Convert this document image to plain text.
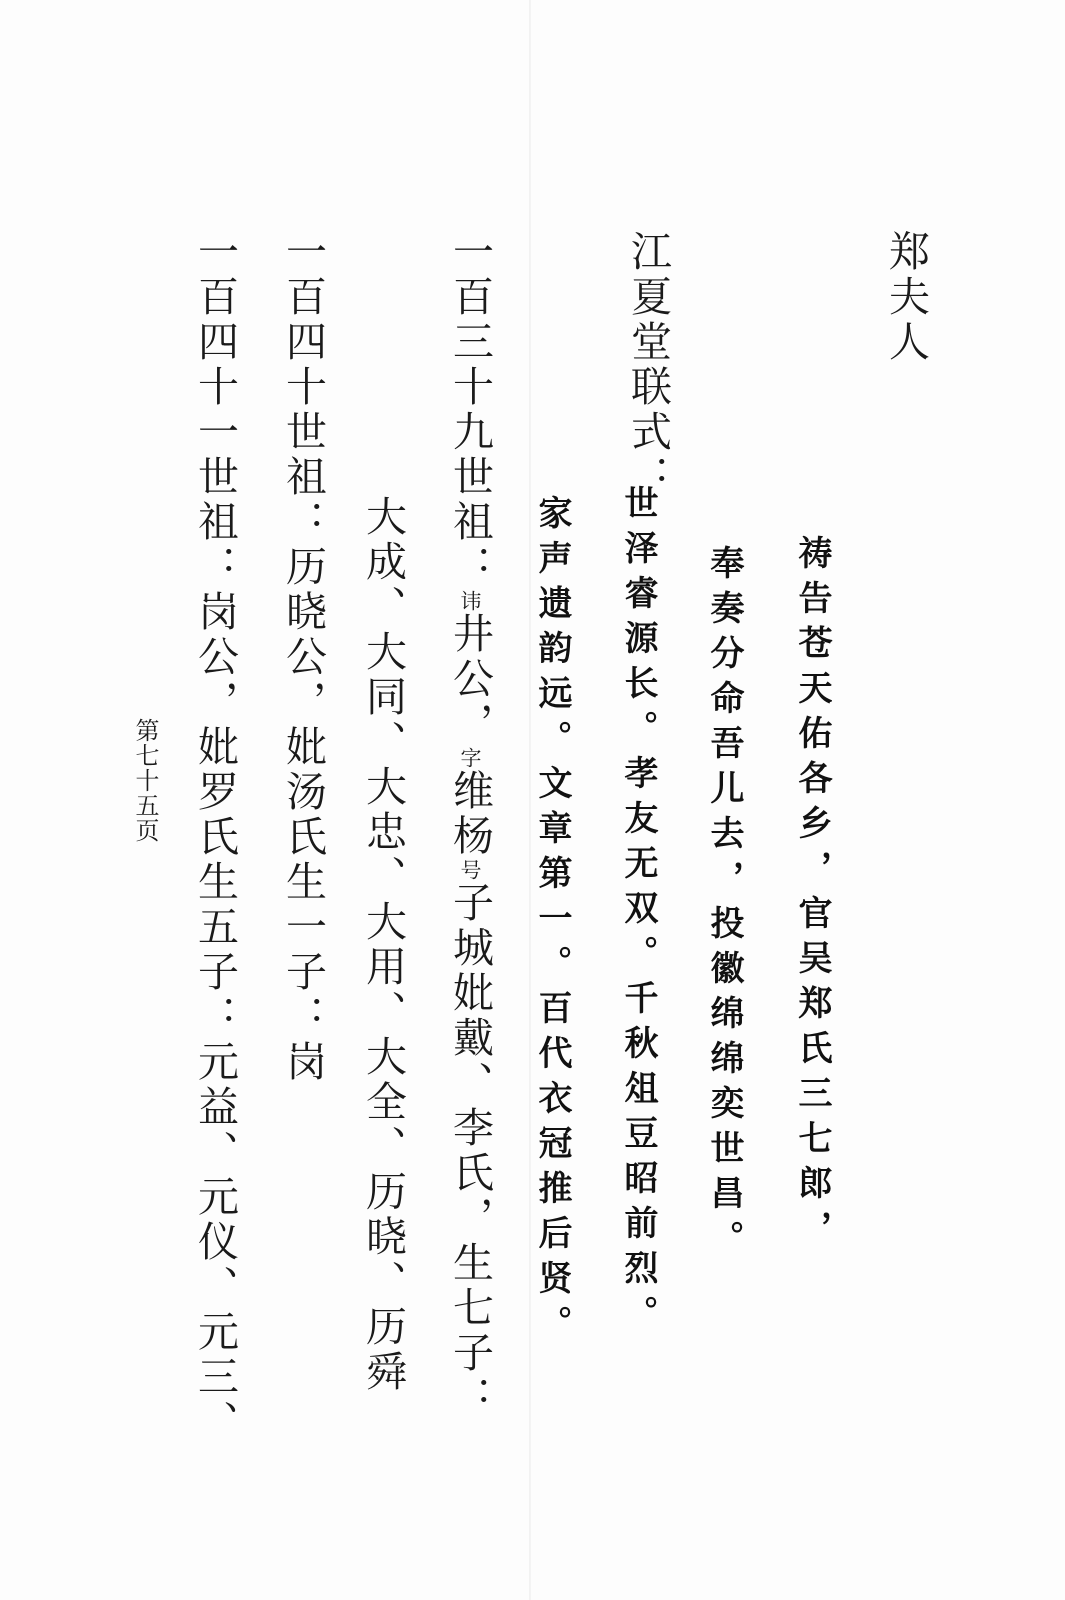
郑夫人
祷告苍天佑各乡，官吴郑氏三七郎，
奉奏分命吾儿去，投徽绵绵奕世昌。
江夏堂联式：
世泽睿源长。孝友无双。千秋俎豆昭前烈。
家声遗韵远。文章第一。百代衣冠推后贤。
一百三十九世祖：讳井公，字维杨号子城妣戴、李氏，生七子：
大成、大同、大忠、大用、大全、历晓、历舜
一百四十世祖：历晓公，妣汤氏生一子：岗
一百四十一世祖：岗公，妣罗氏生五子：元益、元仪、元三、
第七十五页
